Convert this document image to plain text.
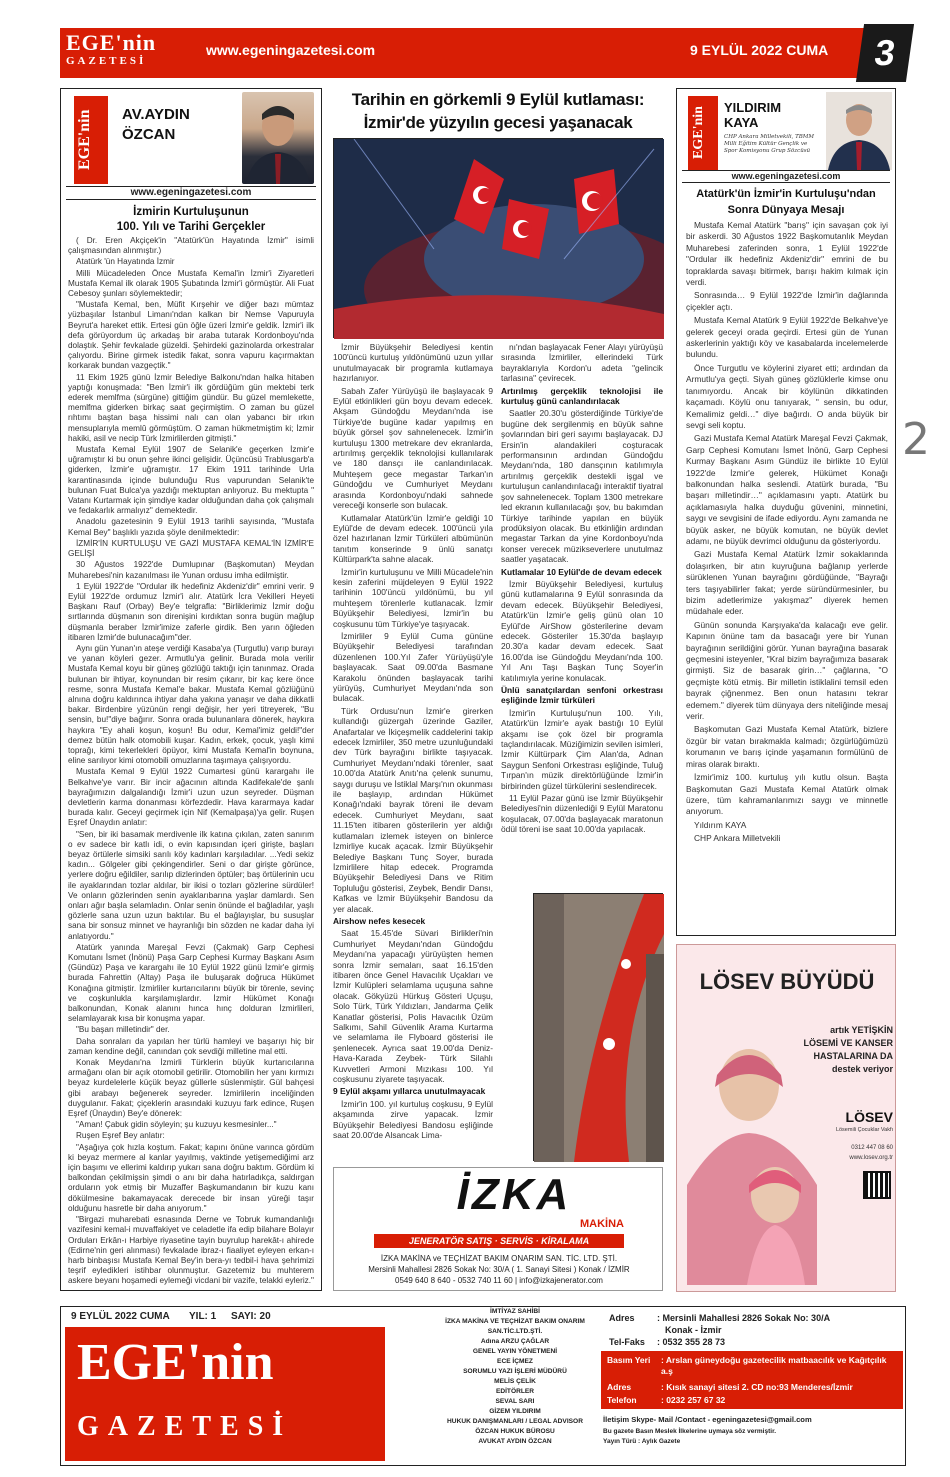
EGE'nin
GAZETESİ
www.egeningazetesi.com	9 EYLÜL 2022 CUMA	3
2
EGE'nin	AV.AYDIN
ÖZCAN
www.egeningazetesi.com
İzmirin Kurtuluşunun
100. Yılı ve Tarihi Gerçekler

( Dr. Eren Akçiçek'in "Atatürk'ün Hayatında İzmir" isimli çalışmasından alınmıştır.)

Atatürk 'ün Hayatında İzmir

Milli Mücadeleden Önce Mustafa Kemal'in İzmir'i Ziyaretleri Mustafa Kemal ilk olarak 1905 Şubatında İzmir'i görmüştür. Ali Fuat Cebesoy şunları söylemektedir;

"Mustafa Kemal, ben, Müfit Kırşehir ve diğer bazı mümtaz yüzbaşılar İstanbul Limanı'ndan kalkan bir Nemse Vapuruyla Beyrut'a hareket ettik. Ertesi gün öğle üzeri İzmir'e geldik. İzmir'i ilk defa görüyordum üç arkadaş bir araba tutarak Kordonboyu'nda dolaştık. Şehir fevkalade güzeldi. Şehirdeki gazinolarda orkestralar çalıyordu. Birine girmek istedik fakat, sonra vapuru kaçırmaktan korkarak bundan vazgeçtik."

11 Ekim 1925 günü İzmir Belediye Balkonu'ndan halka hitaben yaptığı konuşmada: "Ben İzmir'i ilk gördüğüm gün mektebi terk ederek memlfma (sürgüne) gittiğim gündür. Bu güzel memlekette, memlfma giderken birkaç saat geçirmiştim. O zaman bu güzel rıhtımı baştan başa hissimi nalı can olan yabancı bir ırkın mensuplarıyla memlû görmüştüm. O zaman hükmetmiştim ki; İzmir hakiki, asil ve necip Türk İzmirlilerden gitmişti."

Mustafa Kemal Eylül 1907 de Selanik'e geçerken İzmir'e uğramıştır ki bu onun şehre ikinci gelişidir. Üçüncüsü Trablusgarb'a giderken, İzmir'e uğramıştır. 17 Ekim 1911 tarihinde Urla karantinasında içinde bulunduğu Rus vapurundan Selanik'te bulunan Fuat Bulca'ya yazdığı mektuptan anlıyoruz. Bu mektupta " Vatanı Kurtarmak için şimdiye kadar olduğundan daha çok çalışmalı ve fedakarlık armalıyız" demektedir.

Anadolu gazetesinin 9 Eylül 1913 tarihli sayısında, "Mustafa Kemal Bey" başlıklı yazıda şöyle denilmektedir:

İZMİR'İN KURTULUŞU VE GAZİ MUSTAFA KEMAL'İN İZMİR'E GELİŞİ

30 Ağustos 1922'de Dumlupınar (Başkomutan) Meydan Muharebesi'nin kazanılması ile Yunan ordusu imha edilmiştir.

1 Eylül 1922'de "Ordular ilk hedefiniz Akdeniz'dir" emrini verir. 9 Eylül 1922'de ordumuz İzmir'i alır. Atatürk İcra Vekilleri Heyeti Başkanı Rauf (Orbay) Bey'e telgrafla: "Birliklerimiz İzmir doğu sırtlarında düşmanın son direnişini kırdıktan sonra bugün mağlup düşmanla beraber İzmir'imize zaferle girdik. Ben yarın öğleden itibaren İzmir'de bulunacağım"der.

Aynı gün Yunan'ın ateşe verdiği Kasaba'ya (Turgutlu) varıp burayı ve yanan köyleri gezer. Armutlu'ya gelinir. Burada mola verilir Mustafa Kemal koyu bir güneş gözlüğü taktığı için tanınmaz. Orada bulunan bir ihtiyar, koynundan bir resim çıkarır, bir kaç kere önce resme, sonra Mustafa Kemal'e bakar. Mustafa Kemal gözlüğünü alnına doğru kaldırınca ihtiyar daha yakına yanaşır ve daha dikkatli bakar. Birdenbire yüzünün rengi değişir, her yeri titreyerek, "Bu sensin, bu!"diye bağırır. Sonra orada bulunanlara dönerek, haykıra haykıra "Ey ahali koşun, koşun! Bu odur, Kemal'imiz geldi!"der demez bütün halk otomobili kuşar. Kadın, erkek, çocuk, yaşlı kimi toprağı, kimi tekerlekleri öpüyor, kimi Mustafa Kemal'in boynuna, eline sarılıyor kimi otomobili omuzlarına taşımaya çalışıyordu.

Mustafa Kemal 9 Eylül 1922 Cumartesi günü karargahı ile Belkahve'ye varır. Bir incir ağacının altında Kadifekale'de şanlı bayrağımızın dalgalandığı İzmir'i uzun uzun seyreder. Düşman devletlerin karma donanması körfezdedir. Hava kararmaya kadar burada kalır. Geceyi geçirmek için Nif (Kemalpaşa)'ya gelir. Ruşen Eşref Ünaydın anlatır:

"Sen, bir iki basamak merdivenle ilk katına çıkılan, zaten sanırım o ev sadece bir katlı idi, o evin kapısından içeri girişte, başları beyaz örtülerle simsiki sarılı köy kadınları karşıladılar. ...Yedi sekiz kadın... Gölgeler gibi çekingendirler. Seni o dar girişte görünce, yerlere doğru eğildiler, sarılıp dizlerinden öptüler; baş örtülerinin ucu ile ayaklarından tozlar aldılar, bir ikisi o tozları gözlerine sürdüler! Ve onların gözlerinden senin ayaklarıbarına yaşlar damlardı. Sen onları ağır başla selamladın. Onlar senin önünde el bağladılar, yaşlı gözlerle sana uzun uzun baktılar. Bu el bağlayışlar, bu susuşlar sana bir sonsuz minnet ve hayranlığı bin sözden ne kadar daha iyi anlatıyordu."

Atatürk yanında Mareşal Fevzi (Çakmak) Garp Cephesi Komutanı İsmet (İnönü) Paşa Garp Cephesi Kurmay Başkanı Asım (Gündüz) Paşa ve karargahı ile 10 Eylül 1922 günü İzmir'e girmiş burada Fahrettin (Altay) Paşa ile buluşarak doğruca Hükümet Konağına gitmiştir. İzmirliler kurtarıcılarını büyük bir törenle, sevinç ve coşkunlukla karşılamışlardır. İzmir Hükümet Konağı balkonundan, Konak alanını hınca hınç dolduran İzmirlileri, selamlayarak kısa bir konuşma yapar.

"Bu başarı milletindir" der.

Daha sonraları da yapılan her türlü hamleyi ve başarıyı hiç bir zaman kendine değil, canından çok sevdiği milletine mal etti.

Konak Meydanı'na İzmirli Türklerin büyük kurtarıcılarına armağanı olan bir açık otomobil getirilir. Otomobilin her yanı kırmızı beyaz kurdelelerle küçük beyaz güllerle süslenmiştir. Gül bahçesi gibi arabayı beğenerek seyreder. İzmirlilerin inceliğinden duygulanır. Fakat; çiçeklerin arasındaki kuzuyu fark edince, Ruşen Eşref (Ünaydın) Bey'e dönerek:

"Aman! Çabuk gidin söyleyin; şu kuzuyu kesmesinler..."

Ruşen Eşref Bey anlatır:

"Aşağıya çok hızla koştum. Fakat; kapını önüne varınca gördüm ki beyaz mermere al kanlar yayılmış, vaktinde yetişemediğimi arz için başımı ve ellerimi kaldırıp yukarı sana doğru baktım. Gördüm ki balkondan çekilmişsin şimdi o anı bir daha hatırladıkça, saldırgan orduların yok etmiş bir Muzaffer Başkumandanın bir kuzu kanı dökülmesine bakamayacak derecede bir insan yüreği taşır olduğunu hasretle bir daha anıyorum."

"Birgazi muharebati esnasında Derne ve Tobruk kumandanlığı vazifesini kemal-i muvaffakiyet ve celadetle ifa edip bilahare Bolayır Orduları Erkân-ı Harbiye riyasetine tayin buyrulup harekât-ı ahirede (Edirne'nin geri alınması) fevkalade ibraz-ı fiaaliyet eyleyen erkan-ı harb binbaşısı Mustafa Kemal Bey'in bera-yı tedbil-i hava şehrimizi teşrif eyledikleri istihbar olunmuştur. Gazetemiz bu muhterem askere beyanı hoşamedi eylemeği vicdani bir vazife, telakki eyleriz."

Tarihin en görkemli 9 Eylül kutlaması:
İzmir'de yüzyılın gecesi yaşanacak

İzmir Büyükşehir Belediyesi kentin 100'üncü kurtuluş yıldönümünü uzun yıllar unutulmayacak bir programla kutlamaya hazırlanıyor.

Sabah Zafer Yürüyüşü ile başlayacak 9 Eylül etkinlikleri gün boyu devam edecek. Akşam Gündoğdu Meydanı'nda ise Türkiye'de bugüne kadar yapılmış en büyük görsel şov sahnelenecek. İzmir'in kurtuluşu 1300 metrekare dev ekranlarda, artırılmış gerçeklik teknolojisi kullanılarak ve 180 dansçı ile canlandırılacak. Muhteşem gece megastar Tarkan'ın Gündoğdu ve Cumhuriyet Meydanı arasında Kordonboyu'ndaki sahnede vereceği konserle son bulacak.

Kutlamalar Atatürk'ün İzmir'e geldiği 10 Eylül'de de devam edecek. 100'üncü yıla özel hazırlanan İzmir Türküleri albümünün tanıtım konserinde 9 ünlü sanatçı Kültürpark'ta sahne alacak.

İzmir'in kurtuluşunu ve Milli Mücadele'nin kesin zaferini müjdeleyen 9 Eylül 1922 tarihinin 100'üncü yıldönümü, bu yıl muhteşem törenlerle kutlanacak. İzmir Büyükşehir Belediyesi, İzmir'in bu coşkusunu tüm Türkiye'ye taşıyacak.

İzmirliler 9 Eylül Cuma gününe Büyükşehir Belediyesi tarafından düzenlenen 100.Yıl Zafer Yürüyüşü'yle başlayacak. Saat 09.00'da Basmane Karakolu önünden başlayacak tarihi yürüyüş, Cumhuriyet Meydanı'nda son bulacak.

Türk Ordusu'nun İzmir'e girerken kullandığı güzergah üzerinde Gaziler, Anafartalar ve İkiçeşmelik caddelerini takip edecek İzmirliler, 350 metre uzunluğundaki dev Türk bayrağını birlikte taşıyacak. Cumhuriyet Meydanı'ndaki törenler, saat 10.00'da Atatürk Anıtı'na çelenk sunumu, saygı duruşu ve İstiklal Marşı'nın okunması ile başlayıp, ardından Hükümet Konağı'ndaki bayrak töreni ile devam edecek. Cumhuriyet Meydanı, saat 11.15'ten itibaren gösterilerin yer aldığı kutlamaları izlemek isteyen on binlerce İzmirliye kucak açacak. İzmir Büyükşehir Belediye Başkanı Tunç Soyer, burada İzmirlilere hitap edecek. Programda Büyükşehir Belediyesi Dans ve Ritim Topluluğu gösterisi, Zeybek, Bendir Dansı, Kafkas ve İzmir Büyükşehir Bandosu da yer alacak.

Airshow nefes kesecek

Saat 15.45'de Süvari Birlikleri'nin Cumhuriyet Meydanı'ndan Gündoğdu Meydanı'na yapacağı yürüyüşten hemen sonra İzmir semaları, saat 16.15'den itibaren önce Genel Havacılık Uçakları ve İzmir Kulüpleri selamlama uçuşuna sahne olacak. Gökyüzü Hürkuş Gösteri Uçuşu, Solo Türk, Türk Yıldızları, Jandarma Çelik Kanatlar gösterisi, Polis Havacılık Üzüm Salkımı, Sahil Güvenlik Arama Kurtarma ve selamlama ile Flyboard gösterisi ile şenlenecek. Ayrıca saat 19.00'da Deniz-Hava-Karada Zeybek- Türk Silahlı Kuvvetleri Armoni Mızıkası 100. Yıl coşkusunu ziyarete taşıyacak.

9 Eylül akşamı yıllarca unutulmayacak

İzmir'in 100. yıl kurtuluş coşkusu, 9 Eylül akşamında zirve yapacak. İzmir Büyükşehir Belediyesi Bandosu eşliğinde saat 20.00'de Alsancak Lima-

nı'ndan başlayacak Fener Alayı yürüyüşü sırasında İzmirliler, ellerindeki Türk bayraklarıyla Kordon'u adeta "gelincik tarlasına" çevirecek.

Artırılmış gerçeklik teknolojisi ile kurtuluş günü canlandırılacak

Saatler 20.30'u gösterdiğinde Türkiye'de bugüne dek sergilenmiş en büyük sahne şovlarından biri geri sayımı başlayacak. DJ Ersin'in alandakileri coşturacak performansının ardından Gündoğdu Meydanı'nda, 180 dansçının katılımıyla artırılmış gerçeklik destekli işgal ve kurtuluşun canlandırılacağı interaktif tiyatral şov sahnelenecek. Toplam 1300 metrekare led ekranın kullanılacağı şov, bu bakımdan Türkiye tarihinde yapılan en büyük prodüksiyon olacak. Bu etkinliğin ardından megastar Tarkan da yine Kordonboyu'nda konser verecek müzikseverlere unutulmaz saatler yaşatacak.

Kutlamalar 10 Eylül'de de devam edecek

İzmir Büyükşehir Belediyesi, kurtuluş günü kutlamalarına 9 Eylül sonrasında da devam edecek. Büyükşehir Belediyesi, Atatürk'ün İzmir'e geliş günü olan 10 Eylül'de AirShow gösterilerine devam edecek. Gösteriler 15.30'da başlayıp 20.30'a kadar devam edecek. Saat 16.00'da ise Gündoğdu Meydanı'nda 100. Yıl Anı Taşı Başkan Tunç Soyer'in katılımıyla yerine konulacak.

Ünlü sanatçılardan senfoni orkestrası eşliğinde İzmir türküleri

İzmir'in Kurtuluşu'nun 100. Yılı, Atatürk'ün İzmir'e ayak bastığı 10 Eylül akşamı ise çok özel bir programla taçlandırılacak. Müziğimizin sevilen isimleri, İzmir Kültürpark Çim Alan'da, Adnan Saygun Senfoni Orkestrası eşliğinde, Tuluğ Tırpan'ın müzik direktörlüğünde İzmir'in birbirinden güzel türkülerini seslendirecek.

11 Eylül Pazar günü ise İzmir Büyükşehir Belediyesi'nin düzenlediği 9 Eylül Maratonu koşulacak, 07.00'da başlayacak maratonun ödül töreni ise saat 10.00'da yapılacak.

İZKA
MAKİNA
JENERATÖR SATIŞ · SERVİS · KİRALAMA
İZKA MAKİNA ve TEÇHİZAT BAKIM ONARIM SAN. TİC. LTD. ŞTİ.
Mersinli Mahallesi 2826 Sokak No: 30/A ( 1. Sanayi Sitesi ) Konak / İZMİR
0549 640 8 640 - 0532 740 11 60 | info@izkajenerator.com
EGE'nin	YILDIRIM
KAYA
CHP Ankara Milletvekili, TBMM Milli Eğitim Kültür Gençlik ve Spor Komisyonu Grup Sözcüsü
www.egeningazetesi.com
Atatürk'ün İzmir'in Kurtuluşu'ndan
Sonra Dünyaya Mesajı

Mustafa Kemal Atatürk "barış" için savaşan çok iyi bir askerdi. 30 Ağustos 1922 Başkomutanlık Meydan Muharebesi zaferinden sonra, 1 Eylül 1922'de "Ordular ilk hedefiniz Akdeniz'dir" emrini de bu topraklarda savaşı bitirmek, barışı hakim kılmak için verdi.

Sonrasında… 9 Eylül 1922'de İzmir'in dağlarında çiçekler açtı.

Mustafa Kemal Atatürk 9 Eylül 1922'de Belkahve'ye gelerek geceyi orada geçirdi. Ertesi gün de Yunan askerlerinin yaktığı köy ve kasabalarda incelemelerde bulundu.

Önce Turgutlu ve köylerini ziyaret etti; ardından da Armutlu'ya geçti. Siyah güneş gözlüklerle kimse onu tanımıyordu. Ancak bir köylünün dikkatinden kaçamadı. Köylü onu tanıyarak, " sensin, bu odur, Kemalimiz geldi…" diye bağırdı. O anda büyük bir sevgi seli koptu.

Gazi Mustafa Kemal Atatürk Mareşal Fevzi Çakmak, Garp Cephesi Komutanı İsmet İnönü, Garp Cephesi Kurmay Başkanı Asım Gündüz ile birlikte 10 Eylül 1922'de İzmir'e gelerek, Hükümet Konağı balkonundan halka seslendi. Atatürk burada, "Bu başarı milletindir…" açıklamasını yaptı. Atatürk bu açıklamasıyla halka duyduğu güvenini, minnetini, saygı ve sevgisini de ifade ediyordu. Aynı zamanda ne büyük asker, ne büyük komutan, ne büyük devlet adamı, ne büyük devrimci olduğunu da gösteriyordu.

Gazi Mustafa Kemal Atatürk İzmir sokaklarında dolaşırken, bir atın kuyruğuna bağlanıp yerlerde sürüklenen Yunan bayrağını gördüğünde, "Bayrağı ters taşıyabilirler fakat; yerde süründürmesinler, bu bizim adetlerimize yakışmaz" diyerek hemen müdahale eder.

Günün sonunda Karşıyaka'da kalacağı eve gelir. Kapının önüne tam da basacağı yere bir Yunan bayrağının serildiğini görür. Yunan bayrağına basarak geçmesini isteyenler, "Kral bizim bayrağımıza basarak girmişti. Siz de basarak girin…" çağlarına, "O geçmişte kötü etmiş. Bir milletin istiklalini temsil eden bayrak çiğnenmez. Ben onun hatasını tekrar edemem." diyerek tüm dünyaya ders niteliğinde mesaj verir.

Başkomutan Gazi Mustafa Kemal Atatürk, bizlere özgür bir vatan bırakmakla kalmadı; özgürlüğümüzü korumanın ve barış içinde yaşamanın formülünü de miras olarak bıraktı.

İzmir'imiz 100. kurtuluş yılı kutlu olsun. Başta Başkomutan Gazi Mustafa Kemal Atatürk olmak üzere, tüm kahramanlarımızı saygı ve minnetle anıyorum.

Yıldırım KAYA

CHP Ankara Milletvekili

LÖSEV BÜYÜDÜ
artık YETİŞKİN
LÖSEMİ VE KANSER
HASTALARINA DA
destek veriyor
LÖSEV
Lösemili Çocuklar Vakfı
0312 447 08 60
www.losev.org.tr
9 EYLÜL 2022 CUMA YIL: 1 SAYI: 20
EGE'nin
GAZETESİ
İMTİYAZ SAHİBİ
İZKA MAKİNA VE TEÇHİZAT BAKIM ONARIM
SAN.TİC.LTD.ŞTİ.
Adına ARZU ÇAĞLAR
GENEL YAYIN YÖNETMENİ
ECE İÇMEZ
SORUMLU YAZI İŞLERİ MÜDÜRÜ
MELİS ÇELİK
EDİTÖRLER
SEVAL SARI
GİZEM YILDIRIM
HUKUK DANIŞMANLARI / LEGAL ADVISOR
ÖZCAN HUKUK BÜROSU
AVUKAT AYDIN ÖZCAN
Adres : Mersinli Mahallesi 2826 Sokak No: 30/A
Konak - İzmir
Tel-Faks : 0532 355 28 73
Basım Yeri : Arslan güneydoğu gazetecilik matbaacılık ve Kağıtçılık a.ş
Adres	: Kısık sanayi sitesi 2. CD no:93 Menderes/İzmir
Telefon	: 0232 257 67 32
İletişim Skype- Mail /Contact - egeningazetesi@gmail.com
Bu gazete Basın Meslek İlkelerine uymaya söz vermiştir.
Yayın Türü : Aylık Gazete
